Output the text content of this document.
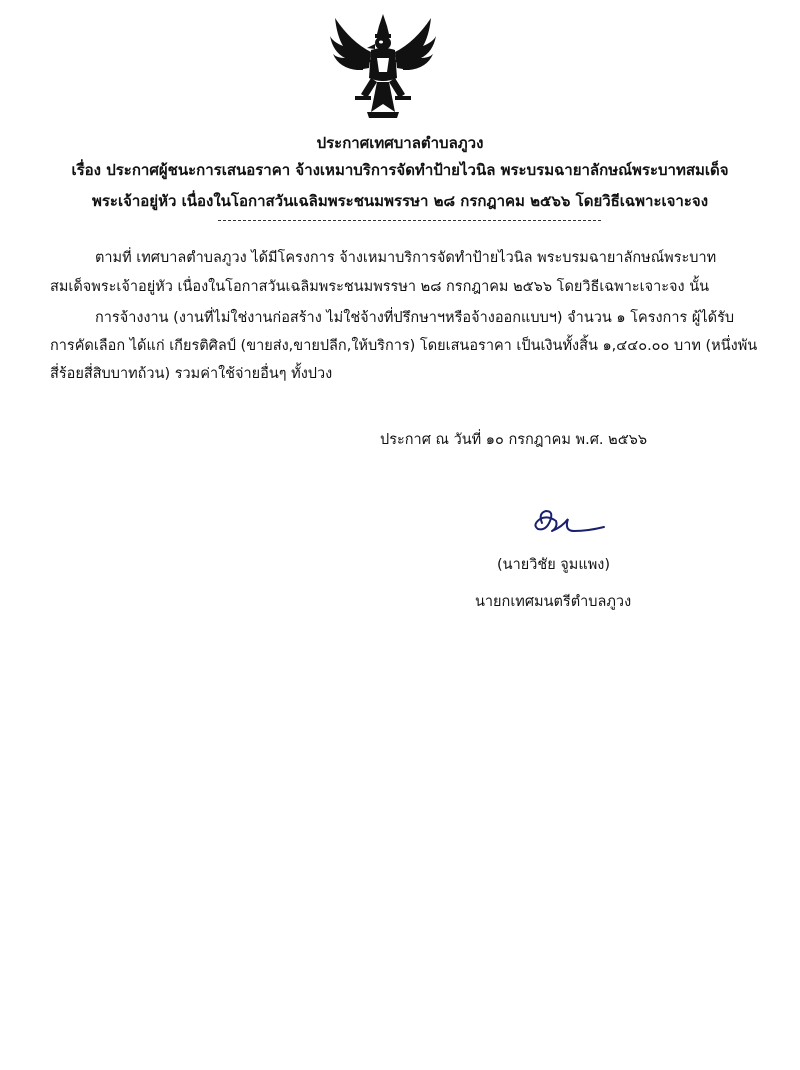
ประกาศเทศบาลตำบลภูวง
เรื่อง ประกาศผู้ชนะการเสนอราคา จ้างเหมาบริการจัดทำป้ายไวนิล พระบรมฉายาลักษณ์พระบาทสมเด็จ
พระเจ้าอยู่หัว เนื่องในโอกาสวันเฉลิมพระชนมพรรษา ๒๘ กรกฎาคม ๒๕๖๖ โดยวิธีเฉพาะเจาะจง
ตามที่ เทศบาลตำบลภูวง ได้มีโครงการ จ้างเหมาบริการจัดทำป้ายไวนิล พระบรมฉายาลักษณ์พระบาท
สมเด็จพระเจ้าอยู่หัว เนื่องในโอกาสวันเฉลิมพระชนมพรรษา ๒๘ กรกฎาคม ๒๕๖๖ โดยวิธีเฉพาะเจาะจง นั้น
การจ้างงาน (งานที่ไม่ใช่งานก่อสร้าง ไม่ใช่จ้างที่ปรึกษาฯหรือจ้างออกแบบฯ) จำนวน ๑ โครงการ ผู้ได้รับ
การคัดเลือก ได้แก่ เกียรติศิลป์ (ขายส่ง,ขายปลีก,ให้บริการ) โดยเสนอราคา เป็นเงินทั้งสิ้น ๑,๔๔๐.๐๐ บาท (หนึ่งพัน
สี่ร้อยสี่สิบบาทถ้วน) รวมค่าใช้จ่ายอื่นๆ ทั้งปวง
ประกาศ ณ วันที่ ๑๐ กรกฎาคม พ.ศ. ๒๕๖๖
(นายวิชัย จูมแพง)
นายกเทศมนตรีตำบลภูวง
